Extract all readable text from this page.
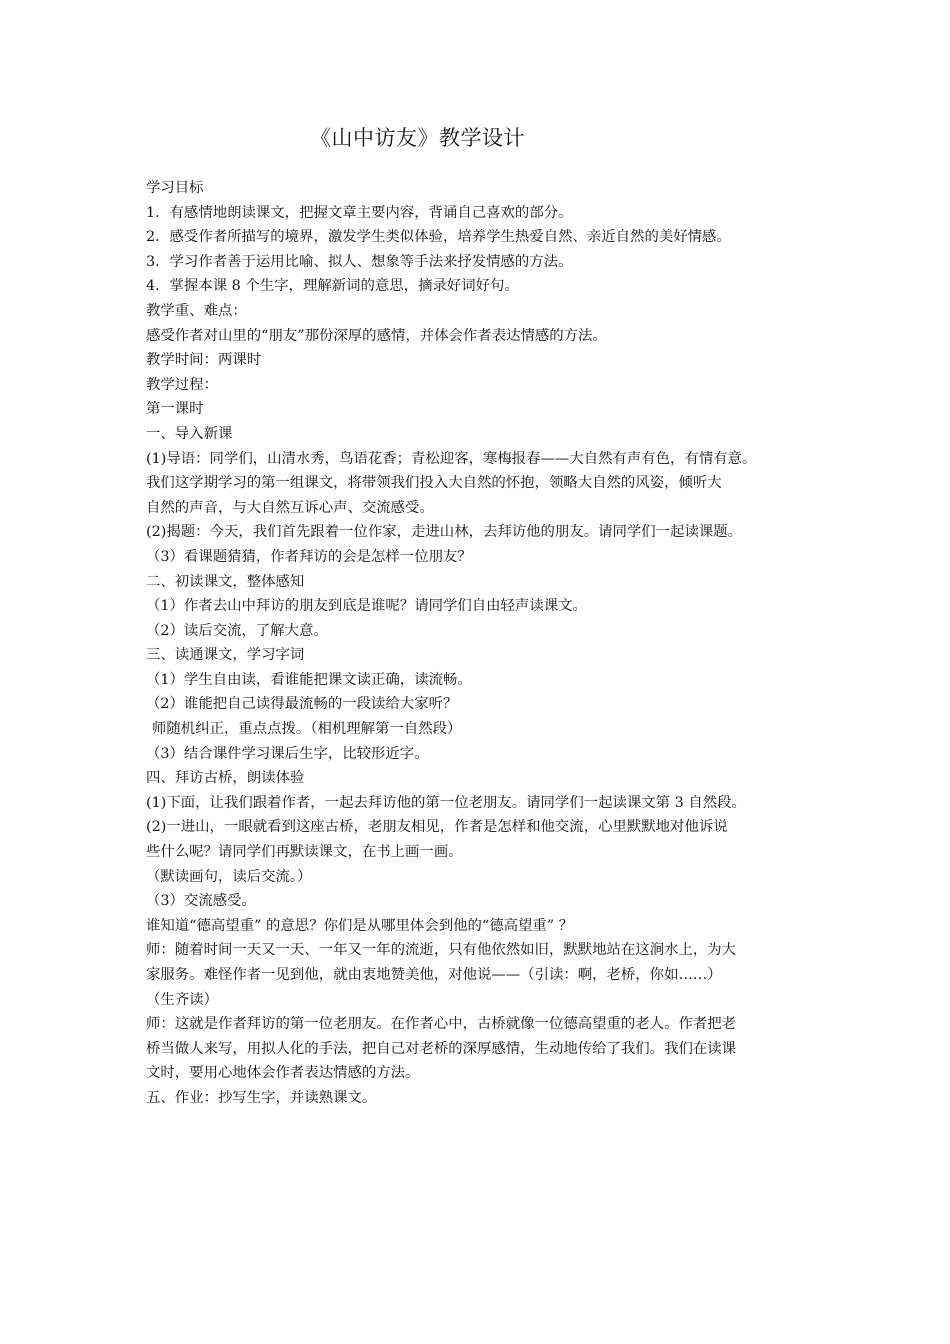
《山中访友》教学设计
学习目标
1．有感情地朗读课文，把握文章主要内容，背诵自己喜欢的部分。
2．感受作者所描写的境界，激发学生类似体验，培养学生热爱自然、亲近自然的美好情感。
3．学习作者善于运用比喻、拟人、想象等手法来抒发情感的方法。
4．掌握本课 8 个生字，理解新词的意思，摘录好词好句。
教学重、难点：
感受作者对山里的“朋友”那份深厚的感情，并体会作者表达情感的方法。
教学时间：两课时
教学过程：
第一课时
一、导入新课
(1)导语：同学们，山清水秀，鸟语花香；青松迎客，寒梅报春——大自然有声有色，有情有意。
我们这学期学习的第一组课文，将带领我们投入大自然的怀抱，领略大自然的风姿，倾听大
自然的声音，与大自然互诉心声、交流感受。
(2)揭题：今天，我们首先跟着一位作家，走进山林，去拜访他的朋友。请同学们一起读课题。
（3）看课题猜猜，作者拜访的会是怎样一位朋友？
二、初读课文，整体感知
（1）作者去山中拜访的朋友到底是谁呢？请同学们自由轻声读课文。
（2）读后交流，了解大意。
三、读通课文，学习字词
（1）学生自由读，看谁能把课文读正确，读流畅。
（2）谁能把自己读得最流畅的一段读给大家听？
师随机纠正，重点点拨。（相机理解第一自然段）
（3）结合课件学习课后生字，比较形近字。
四、拜访古桥，朗读体验
(1)下面，让我们跟着作者，一起去拜访他的第一位老朋友。请同学们一起读课文第 3 自然段。
(2)一进山，一眼就看到这座古桥，老朋友相见，作者是怎样和他交流，心里默默地对他诉说
些什么呢？请同学们再默读课文，在书上画一画。
（默读画句，读后交流。）
（3）交流感受。
谁知道“德高望重” 的意思？你们是从哪里体会到他的“德高望重” ？
师：随着时间一天又一天、一年又一年的流逝，只有他依然如旧，默默地站在这涧水上，为大
家服务。难怪作者一见到他，就由衷地赞美他，对他说——（引读：啊，老桥，你如……）
（生齐读）
师：这就是作者拜访的第一位老朋友。在作者心中，古桥就像一位德高望重的老人。作者把老
桥当做人来写，用拟人化的手法，把自己对老桥的深厚感情，生动地传给了我们。我们在读课
文时，要用心地体会作者表达情感的方法。
五、作业：抄写生字，并读熟课文。
